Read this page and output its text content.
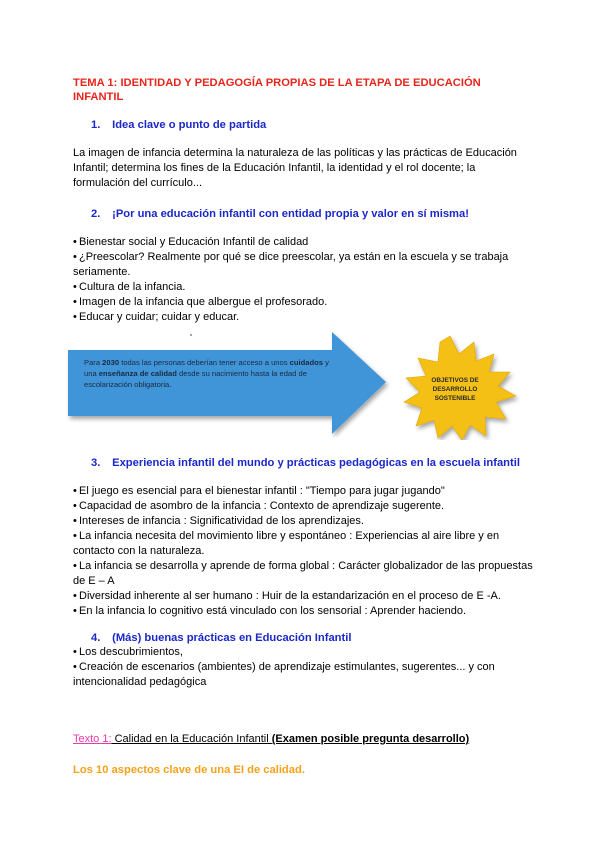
TEMA 1: IDENTIDAD Y PEDAGOGÍA PROPIAS DE LA ETAPA DE EDUCACIÓN INFANTIL
1. Idea clave o punto de partida
La imagen de infancia determina la naturaleza de las políticas y las prácticas de Educación Infantil; determina los fines de la Educación Infantil, la identidad y el rol docente; la formulación del currículo...
2. ¡Por una educación infantil con entidad propia y valor en sí misma!
• Bienestar social y Educación Infantil de calidad
• ¿Preescolar? Realmente por qué se dice preescolar, ya están en la escuela y se trabaja seriamente.
• Cultura de la infancia.
• Imagen de la infancia que albergue el profesorado.
• Educar y cuidar; cuidar y educar.
Para 2030 todas las personas deberían tener acceso a unos cuidados y una enseñanza de calidad desde su nacimiento hasta la edad de escolarización obligatoria.	OBJETIVOS DE DESARROLLO SOSTENIBLE
3. Experiencia infantil del mundo y prácticas pedagógicas en la escuela infantil
• El juego es esencial para el bienestar infantil : "Tiempo para jugar jugando"
• Capacidad de asombro de la infancia : Contexto de aprendizaje sugerente.
• Intereses de infancia : Significatividad de los aprendizajes.
• La infancia necesita del movimiento libre y espontáneo : Experiencias al aire libre y en contacto con la naturaleza.
• La infancia se desarrolla y aprende de forma global : Carácter globalizador de las propuestas de E – A
• Diversidad inherente al ser humano : Huir de la estandarización en el proceso de E -A.
• En la infancia lo cognitivo está vinculado con los sensorial : Aprender haciendo.
4. (Más) buenas prácticas en Educación Infantil
• Los descubrimientos,
• Creación de escenarios (ambientes) de aprendizaje estimulantes, sugerentes... y con intencionalidad pedagógica
Texto 1: Calidad en la Educación Infantil (Examen posible pregunta desarrollo)
Los 10 aspectos clave de una EI de calidad.
